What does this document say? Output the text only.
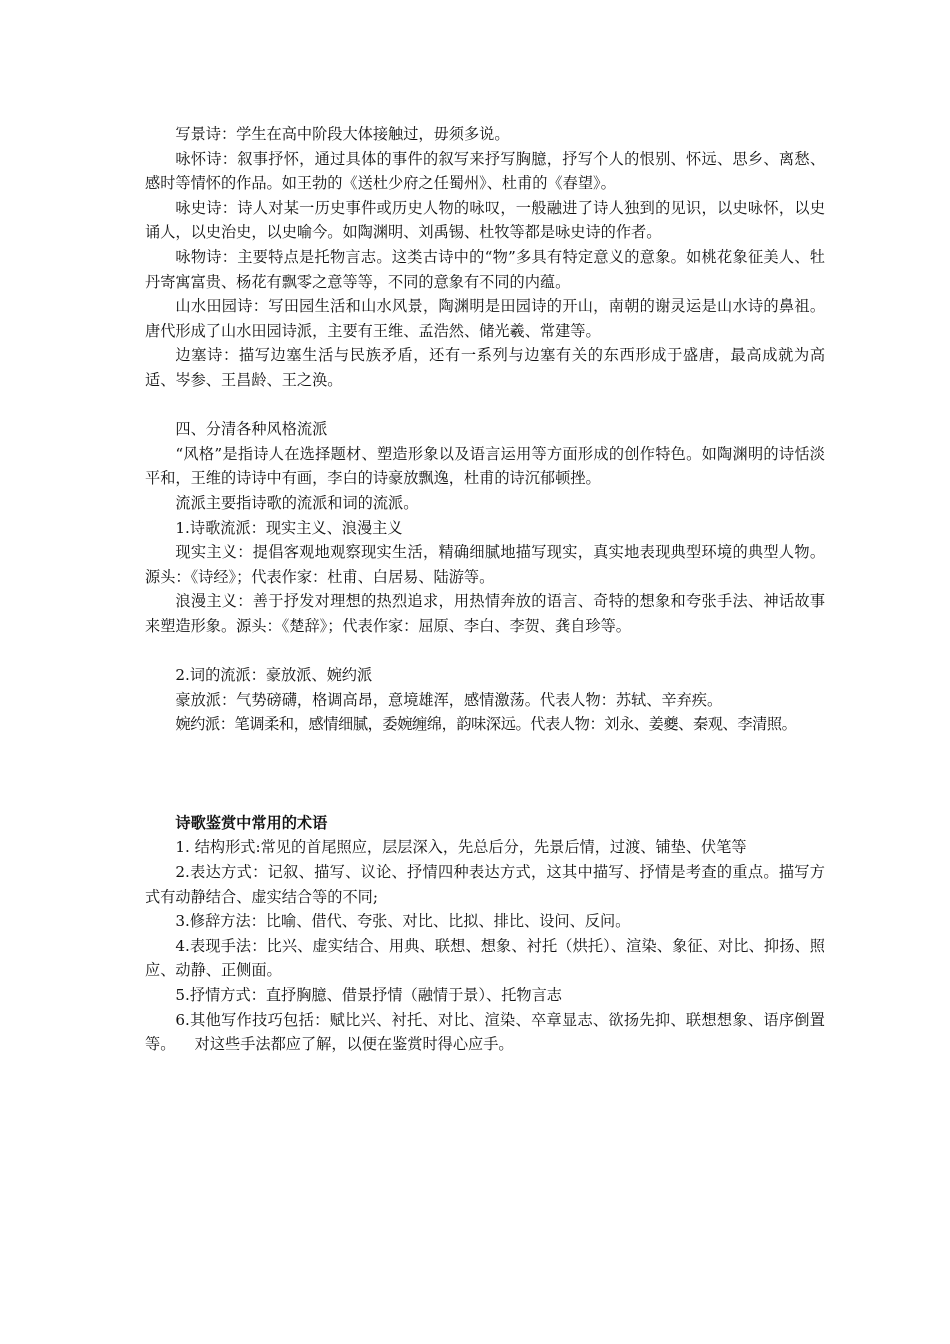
写景诗：学生在高中阶段大体接触过，毋须多说。

咏怀诗：叙事抒怀，通过具体的事件的叙写来抒写胸臆，抒写个人的恨别、怀远、思乡、离愁、感时等情怀的作品。如王勃的《送杜少府之任蜀州》、杜甫的《春望》。

咏史诗：诗人对某一历史事件或历史人物的咏叹，一般融进了诗人独到的见识，以史咏怀，以史诵人，以史治史，以史喻今。如陶渊明、刘禹锡、杜牧等都是咏史诗的作者。

咏物诗：主要特点是托物言志。这类古诗中的“物”多具有特定意义的意象。如桃花象征美人、牡丹寄寓富贵、杨花有飘零之意等等，不同的意象有不同的内蕴。

山水田园诗：写田园生活和山水风景，陶渊明是田园诗的开山，南朝的谢灵运是山水诗的鼻祖。唐代形成了山水田园诗派，主要有王维、孟浩然、储光羲、常建等。

边塞诗：描写边塞生活与民族矛盾，还有一系列与边塞有关的东西形成于盛唐，最高成就为高适、岑参、王昌龄、王之涣。

四、分清各种风格流派

“风格”是指诗人在选择题材、塑造形象以及语言运用等方面形成的创作特色。如陶渊明的诗恬淡平和，王维的诗诗中有画，李白的诗豪放飘逸，杜甫的诗沉郁顿挫。

流派主要指诗歌的流派和词的流派。

1.诗歌流派：现实主义、浪漫主义

现实主义：提倡客观地观察现实生活，精确细腻地描写现实，真实地表现典型环境的典型人物。源头：《诗经》；代表作家：杜甫、白居易、陆游等。

浪漫主义：善于抒发对理想的热烈追求，用热情奔放的语言、奇特的想象和夸张手法、神话故事来塑造形象。源头：《楚辞》；代表作家：屈原、李白、李贺、龚自珍等。

2.词的流派：豪放派、婉约派

豪放派：气势磅礴，格调高昂，意境雄浑，感情激荡。代表人物：苏轼、辛弃疾。

婉约派：笔调柔和，感情细腻，委婉缠绵，韵味深远。代表人物：刘永、姜夔、秦观、李清照。

诗歌鉴赏中常用的术语

1. 结构形式:常见的首尾照应，层层深入，先总后分，先景后情，过渡、铺垫、伏笔等

2.表达方式：记叙、描写、议论、抒情四种表达方式，这其中描写、抒情是考查的重点。描写方式有动静结合、虚实结合等的不同;

3.修辞方法：比喻、借代、夸张、对比、比拟、排比、设问、反问。

4.表现手法：比兴、虚实结合、用典、联想、想象、衬托（烘托）、渲染、象征、对比、抑扬、照应、动静、正侧面。

5.抒情方式：直抒胸臆、借景抒情（融情于景）、托物言志

6.其他写作技巧包括：赋比兴、衬托、对比、渲染、卒章显志、欲扬先抑、联想想象、语序倒置等。    对这些手法都应了解，以便在鉴赏时得心应手。
